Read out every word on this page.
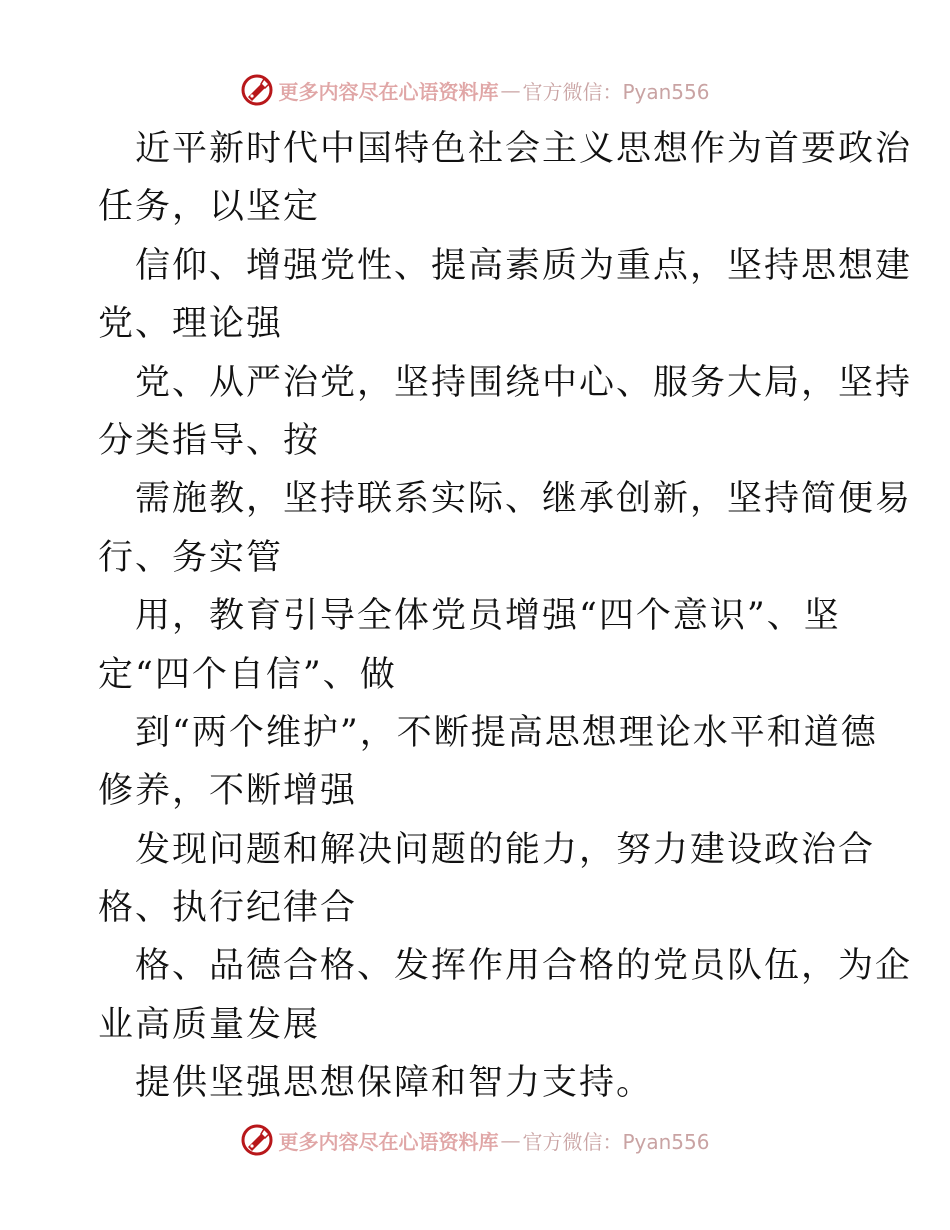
更多内容尽在心语资料库 — 官方微信：Pyan556
近平新时代中国特色社会主义思想作为首要政治
任务，以坚定
信仰、增强党性、提高素质为重点，坚持思想建
党、理论强
党、从严治党，坚持围绕中心、服务大局，坚持
分类指导、按
需施教，坚持联系实际、继承创新，坚持简便易
行、务实管
用，教育引导全体党员增强“四个意识”、坚
定“四个自信”、做
到“两个维护”，不断提高思想理论水平和道德
修养，不断增强
发现问题和解决问题的能力，努力建设政治合
格、执行纪律合
格、品德合格、发挥作用合格的党员队伍，为企
业高质量发展
提供坚强思想保障和智力支持。
更多内容尽在心语资料库 — 官方微信：Pyan556
